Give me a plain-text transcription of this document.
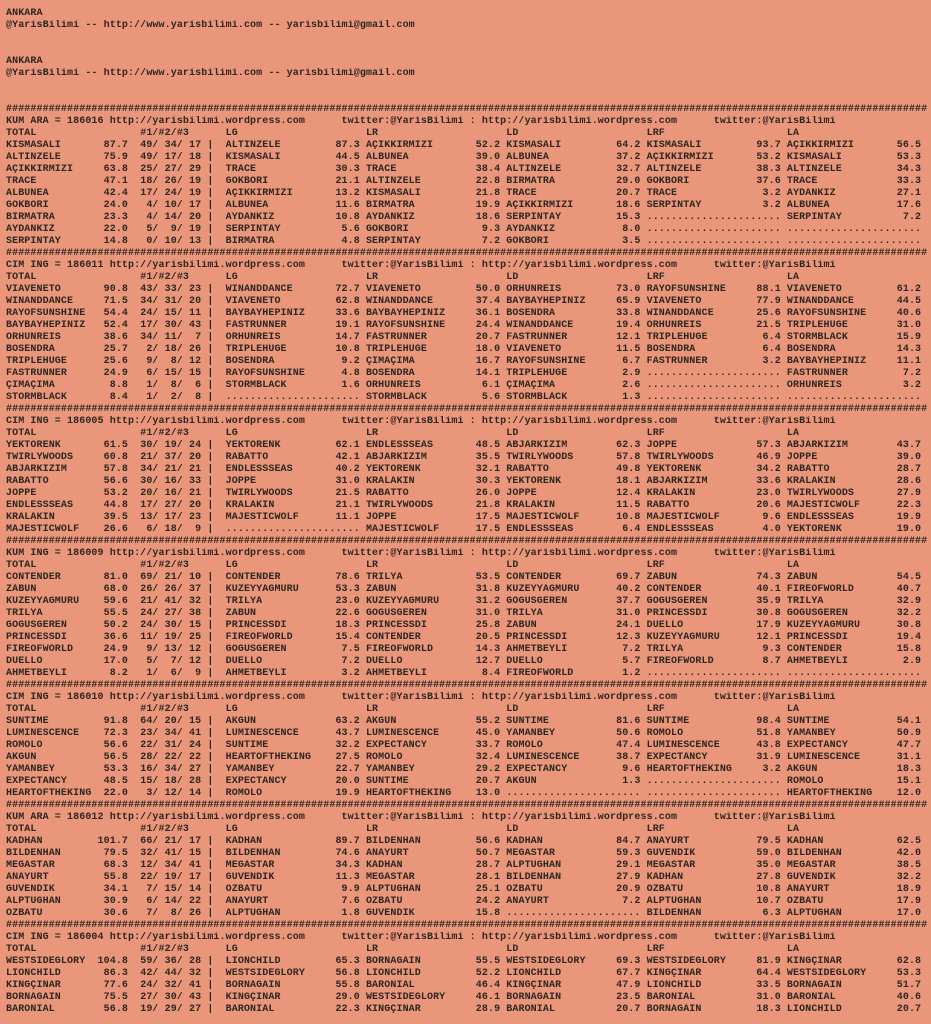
ANKARA
@YarisBilimi -- http://www.yarisbilimi.com -- yarisbilimi@gmail.com

ANKARA
@YarisBilimi -- http://www.yarisbilimi.com -- yarisbilimi@gmail.com

#######################################################################################################################################################
KUM ARA = 186016 http://yarisbilimi.wordpress.com      twitter:@YarisBilimi : http://yarisbilimi.wordpress.com      twitter:@YarisBilimi
TOTAL                 #1/#2/#3      LG                     LR                     LD                     LRF                    LA
KISMASALI       87.7  49/ 34/ 17 |  ALTINZELE         87.3 AÇIKKIRMIZI       52.2 KISMASALI         64.2 KISMASALI         93.7 AÇIKKIRMIZI       56.5
ALTINZELE       75.9  49/ 17/ 18 |  KISMASALI         44.5 ALBUNEA           39.0 ALBUNEA           37.2 AÇIKKIRMIZI       53.2 KISMASALI         53.3
AÇIKKIRMIZI     63.8  25/ 27/ 29 |  TRACE             30.3 TRACE             38.4 ALTINZELE         32.7 ALTINZELE         38.3 ALTINZELE         34.3
TRACE           47.1  18/ 26/ 19 |  GÖKBÖRI           21.1 ALTINZELE         22.8 BIRMATRA          29.0 GÖKBÖRI           37.6 TRACE             33.3
ALBUNEA         42.4  17/ 24/ 19 |  AÇIKKIRMIZI       13.2 KISMASALI         21.8 TRACE             20.7 TRACE              3.2 AYDANKIZ          27.1
GÖKBÖRI         24.0   4/ 10/ 17 |  ALBUNEA           11.6 BIRMATRA          19.9 AÇIKKIRMIZI       18.6 SERPINTAY          3.2 ALBUNEA           17.6
BIRMATRA        23.3   4/ 14/ 20 |  AYDANKIZ          10.8 AYDANKIZ          18.6 SERPINTAY         15.3 ...................... SERPINTAY          7.2
AYDANKIZ        22.0   5/  9/ 19 |  SERPINTAY          5.6 GÖKBÖRI            9.3 AYDANKIZ           8.0 ...................... ......................
SERPINTAY       14.8   0/ 10/ 13 |  BIRMATRA           4.8 SERPINTAY          7.2 GÖKBÖRI            3.5 ...................... ......................
#######################################################################################################################################################
CIM ING = 186011 http://yarisbilimi.wordpress.com      twitter:@YarisBilimi : http://yarisbilimi.wordpress.com      twitter:@YarisBilimi
TOTAL                 #1/#2/#3      LG                     LR                     LD                     LRF                    LA
VIAVENETO       90.8  43/ 33/ 23 |  WINANDDANCE       72.7 VIAVENETO         50.0 ORHUNREIS         73.0 RAYOFSUNSHINE     88.1 VIAVENETO         61.2
WINANDDANCE     71.5  34/ 31/ 20 |  VIAVENETO         62.8 WINANDDANCE       37.4 BAYBAYHEPINIZ     65.9 VIAVENETO         77.9 WINANDDANCE       44.5
RAYOFSUNSHINE   54.4  24/ 15/ 11 |  BAYBAYHEPINIZ     33.6 BAYBAYHEPINIZ     36.1 BOSENDRA          33.8 WINANDDANCE       25.6 RAYOFSUNSHINE     40.6
BAYBAYHEPINIZ   52.4  17/ 30/ 43 |  FASTRUNNER        19.1 RAYOFSUNSHINE     24.4 WINANDDANCE       19.4 ORHUNREIS         21.5 TRIPLEHUGE        31.0
ORHUNREIS       38.6  34/ 11/  7 |  ORHUNREIS         14.7 FASTRUNNER        20.7 FASTRUNNER        12.1 TRIPLEHUGE         6.4 STORMBLACK        15.9
BOSENDRA        25.7   2/ 18/ 26 |  TRIPLEHUGE        10.8 TRIPLEHUGE        18.0 VIAVENETO         11.5 BOSENDRA           6.4 BOSENDRA          14.3
TRIPLEHUGE      25.6   9/  8/ 12 |  BOSENDRA           9.2 ÇIMAÇIMA          16.7 RAYOFSUNSHINE      6.7 FASTRUNNER         3.2 BAYBAYHEPINIZ     11.1
FASTRUNNER      24.9   6/ 15/ 15 |  RAYOFSUNSHINE      4.8 BOSENDRA          14.1 TRIPLEHUGE         2.9 ...................... FASTRUNNER         7.2
ÇIMAÇIMA         8.8   1/  8/  6 |  STORMBLACK         1.6 ORHUNREIS          6.1 ÇIMAÇIMA           2.6 ...................... ORHUNREIS          3.2
STORMBLACK       8.4   1/  2/  8 |  ...................... STORMBLACK         5.6 STORMBLACK         1.3 ...................... ......................
#######################################################################################################################################################
CIM ING = 186005 http://yarisbilimi.wordpress.com      twitter:@YarisBilimi : http://yarisbilimi.wordpress.com      twitter:@YarisBilimi
TOTAL                 #1/#2/#3      LG                     LR                     LD                     LRF                    LA
YEKTORENK       61.5  30/ 19/ 24 |  YEKTORENK         62.1 ENDLESSSEAS       48.5 ABJARKIZIM        62.3 JOPPE             57.3 ABJARKIZIM        43.7
TWIRLYWOODS     60.8  21/ 37/ 20 |  RABATTO           42.1 ABJARKIZIM        35.5 TWIRLYWOODS       57.8 TWIRLYWOODS       46.9 JOPPE             39.0
ABJARKIZIM      57.8  34/ 21/ 21 |  ENDLESSSEAS       40.2 YEKTORENK         32.1 RABATTO           49.8 YEKTORENK         34.2 RABATTO           28.7
RABATTO         56.6  30/ 16/ 33 |  JOPPE             31.0 KRALAKIN          30.3 YEKTORENK         18.1 ABJARKIZIM        33.6 KRALAKIN          28.6
JOPPE           53.2  20/ 16/ 21 |  TWIRLYWOODS       21.5 RABATTO           26.0 JOPPE             12.4 KRALAKIN          23.0 TWIRLYWOODS       27.9
ENDLESSSEAS     44.8  17/ 27/ 20 |  KRALAKIN          21.1 TWIRLYWOODS       21.8 KRALAKIN          11.5 RABATTO           20.6 MAJESTICWOLF      22.3
KRALAKIN        39.5  13/ 17/ 23 |  MAJESTICWOLF      11.1 JOPPE             17.5 MAJESTICWOLF      10.8 MAJESTICWOLF       9.6 ENDLESSSEAS       19.9
MAJESTICWOLF    26.6   6/ 18/  9 |  ...................... MAJESTICWOLF      17.5 ENDLESSSEAS        6.4 ENDLESSSEAS        4.0 YEKTORENK         19.0
#######################################################################################################################################################
KUM ING = 186009 http://yarisbilimi.wordpress.com      twitter:@YarisBilimi : http://yarisbilimi.wordpress.com      twitter:@YarisBilimi
TOTAL                 #1/#2/#3      LG                     LR                     LD                     LRF                    LA
CONTENDER       81.0  69/ 21/ 10 |  CONTENDER         78.6 TRILYA            53.5 CONTENDER         69.7 ZABUN             74.3 ZABUN             54.5
ZABUN           68.0  26/ 26/ 37 |  KUZEYYAGMURU      53.3 ZABUN             31.8 KUZEYYAGMURU      40.2 CONTENDER         40.1 FIREOFWORLD       40.7
KUZEYYAGMURU    59.6  21/ 41/ 32 |  TRILYA            23.0 KUZEYYAGMURU      31.2 GÖGÜSGEREN        37.7 GÖGÜSGEREN        35.9 TRILYA            32.9
TRILYA          55.5  24/ 27/ 38 |  ZABUN             22.6 GÖGÜSGEREN        31.0 TRILYA            31.0 PRINCESSDI        30.8 GÖGÜSGEREN        32.2
GÖGÜSGEREN      50.2  24/ 30/ 15 |  PRINCESSDI        18.3 PRINCESSDI        25.8 ZABUN             24.1 DUELLO            17.9 KUZEYYAGMURU      30.8
PRINCESSDI      36.6  11/ 19/ 25 |  FIREOFWORLD       15.4 CONTENDER         20.5 PRINCESSDI        12.3 KUZEYYAGMURU      12.1 PRINCESSDI        19.4
FIREOFWORLD     24.9   9/ 13/ 12 |  GÖGÜSGEREN         7.5 FIREOFWORLD       14.3 AHMETBEYLI         7.2 TRILYA             9.3 CONTENDER         15.8
DUELLO          17.0   5/  7/ 12 |  DUELLO             7.2 DUELLO            12.7 DUELLO             5.7 FIREOFWORLD        8.7 AHMETBEYLI         2.9
AHMETBEYLI       8.2   1/  6/  9 |  AHMETBEYLI         3.2 AHMETBEYLI         8.4 FIREOFWORLD        1.2 ...................... ......................
#######################################################################################################################################################
CIM ING = 186010 http://yarisbilimi.wordpress.com      twitter:@YarisBilimi : http://yarisbilimi.wordpress.com      twitter:@YarisBilimi
TOTAL                 #1/#2/#3      LG                     LR                     LD                     LRF                    LA
SUNTIME         91.8  64/ 20/ 15 |  AKGÜN             63.2 AKGÜN             55.2 SUNTIME           81.6 SUNTIME           98.4 SUNTIME           54.1
LUMINESCENCE    72.3  23/ 34/ 41 |  LUMINESCENCE      43.7 LUMINESCENCE      45.0 YAMANBEY          50.6 ROMOLO            51.8 YAMANBEY          50.9
ROMOLO          56.6  22/ 31/ 24 |  SUNTIME           32.2 EXPECTANCY        33.7 ROMOLO            47.4 LUMINESCENCE      43.8 EXPECTANCY        47.7
AKGÜN           56.5  28/ 22/ 22 |  HEARTOFTHEKING    27.5 ROMOLO            32.4 LUMINESCENCE      38.7 EXPECTANCY        31.9 LUMINESCENCE      31.1
YAMANBEY        53.3  16/ 34/ 27 |  YAMANBEY          22.7 YAMANBEY          29.2 EXPECTANCY         9.6 HEARTOFTHEKING     3.2 AKGÜN             18.3
EXPECTANCY      48.5  15/ 18/ 28 |  EXPECTANCY        20.0 SUNTIME           20.7 AKGÜN              1.3 ...................... ROMOLO            15.1
HEARTOFTHEKING  22.0   3/ 12/ 14 |  ROMOLO            19.9 HEARTOFTHEKING    13.0 ...................... ...................... HEARTOFTHEKING    12.0
#######################################################################################################################################################
KUM ARA = 186012 http://yarisbilimi.wordpress.com      twitter:@YarisBilimi : http://yarisbilimi.wordpress.com      twitter:@YarisBilimi
TOTAL                 #1/#2/#3      LG                     LR                     LD                     LRF                    LA
KADHAN         101.7  66/ 21/ 17 |  KADHAN            89.7 BILDENHAN         56.6 KADHAN            84.7 ANAYURT           79.5 KADHAN            62.5
BILDENHAN       79.5  32/ 41/ 15 |  BILDENHAN         74.6 ANAYURT           50.7 MEGASTAR          59.3 GÜVENDIK          59.0 BILDENHAN         42.0
MEGASTAR        68.3  12/ 34/ 41 |  MEGASTAR          34.3 KADHAN            28.7 ALPTUGHAN         29.1 MEGASTAR          35.0 MEGASTAR          38.5
ANAYURT         55.8  22/ 19/ 17 |  GÜVENDIK          11.3 MEGASTAR          28.1 BILDENHAN         27.9 KADHAN            27.8 GÜVENDIK          32.2
GÜVENDIK        34.1   7/ 15/ 14 |  ÖZBATU             9.9 ALPTUGHAN         25.1 ÖZBATU            20.9 ÖZBATU            10.8 ANAYURT           18.9
ALPTUGHAN       30.9   6/ 14/ 22 |  ANAYURT            7.6 ÖZBATU            24.2 ANAYURT            7.2 ALPTUGHAN         10.7 ÖZBATU            17.9
ÖZBATU          30.6   7/  8/ 26 |  ALPTUGHAN          1.8 GÜVENDIK          15.8 ...................... BILDENHAN          6.3 ALPTUGHAN         17.0
#######################################################################################################################################################
CIM ING = 186004 http://yarisbilimi.wordpress.com      twitter:@YarisBilimi : http://yarisbilimi.wordpress.com      twitter:@YarisBilimi
TOTAL                 #1/#2/#3      LG                     LR                     LD                     LRF                    LA
WESTSIDEGLORY  104.8  59/ 36/ 28 |  LIONCHILD         65.3 BORNAGAIN         55.5 WESTSIDEGLORY     69.3 WESTSIDEGLORY     81.9 KINGÇINAR         62.8
LIONCHILD       86.3  42/ 44/ 32 |  WESTSIDEGLORY     56.8 LIONCHILD         52.2 LIONCHILD         67.7 KINGÇINAR         64.4 WESTSIDEGLORY     53.3
KINGÇINAR       77.6  24/ 32/ 41 |  BORNAGAIN         55.8 BARONIAL          46.4 KINGÇINAR         47.9 LIONCHILD         33.5 BORNAGAIN         51.7
BORNAGAIN       75.5  27/ 30/ 43 |  KINGÇINAR         29.0 WESTSIDEGLORY     46.1 BORNAGAIN         23.5 BARONIAL          31.0 BARONIAL          40.6
BARONIAL        56.8  19/ 29/ 27 |  BARONIAL          22.3 KINGÇINAR         28.9 BARONIAL          20.7 BORNAGAIN         18.3 LIONCHILD         20.7
